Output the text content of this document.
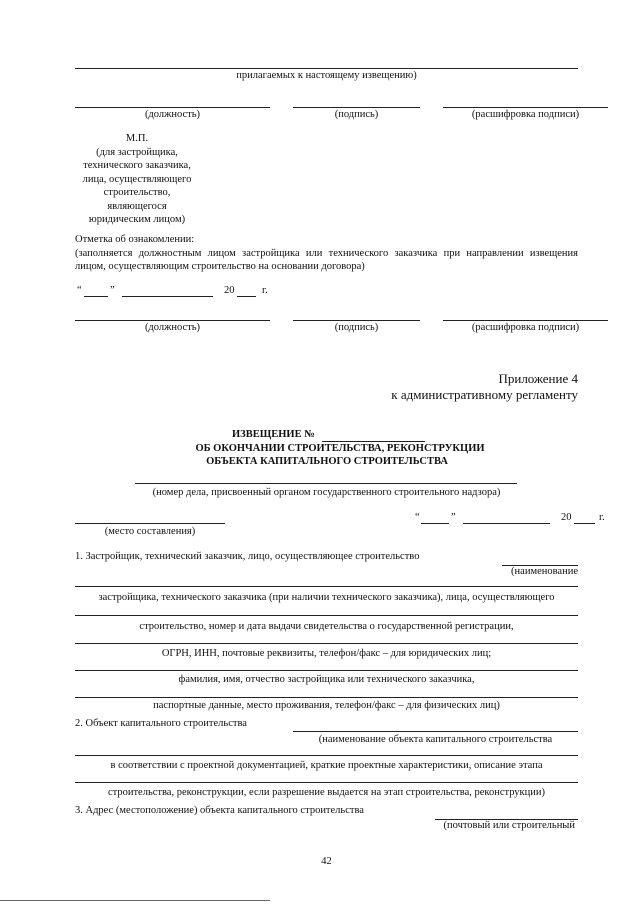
прилагаемых к настоящему извещению)
(должность)	(подпись)	(расшифровка подписи)
М.П.
(для застройщика,
технического заказчика,
лица, осуществляющего
строительство,
являющегося
юридическим лицом)
Отметка об ознакомлении:
(заполняется должностным лицом застройщика или технического заказчика при направлении извещения
лицом, осуществляющим строительство на основании договора)
“	”	20	г.
(должность)	(подпись)	(расшифровка подписи)
Приложение 4
к административному регламенту
ИЗВЕЩЕНИЕ №
ОБ ОКОНЧАНИИ СТРОИТЕЛЬСТВА, РЕКОНСТРУКЦИИ
ОБЪЕКТА КАПИТАЛЬНОГО СТРОИТЕЛЬСТВА
(номер дела, присвоенный органом государственного строительного надзора)
(место составления)
“	”	20	г.
1. Застройщик, технический заказчик, лицо, осуществляющее строительство
(наименование
застройщика, технического заказчика (при наличии технического заказчика), лица, осуществляющего
строительство, номер и дата выдачи свидетельства о государственной регистрации,
ОГРН, ИНН, почтовые реквизиты, телефон/факс – для юридических лиц;
фамилия, имя, отчество застройщика или технического заказчика,
паспортные данные, место проживания, телефон/факс – для физических лиц)
2. Объект капитального строительства
(наименование объекта капитального строительства
в соответствии с проектной документацией, краткие проектные характеристики, описание этапа
строительства, реконструкции, если разрешение выдается на этап строительства, реконструкции)
3. Адрес (местоположение) объекта капитального строительства
(почтовый или строительный
42
